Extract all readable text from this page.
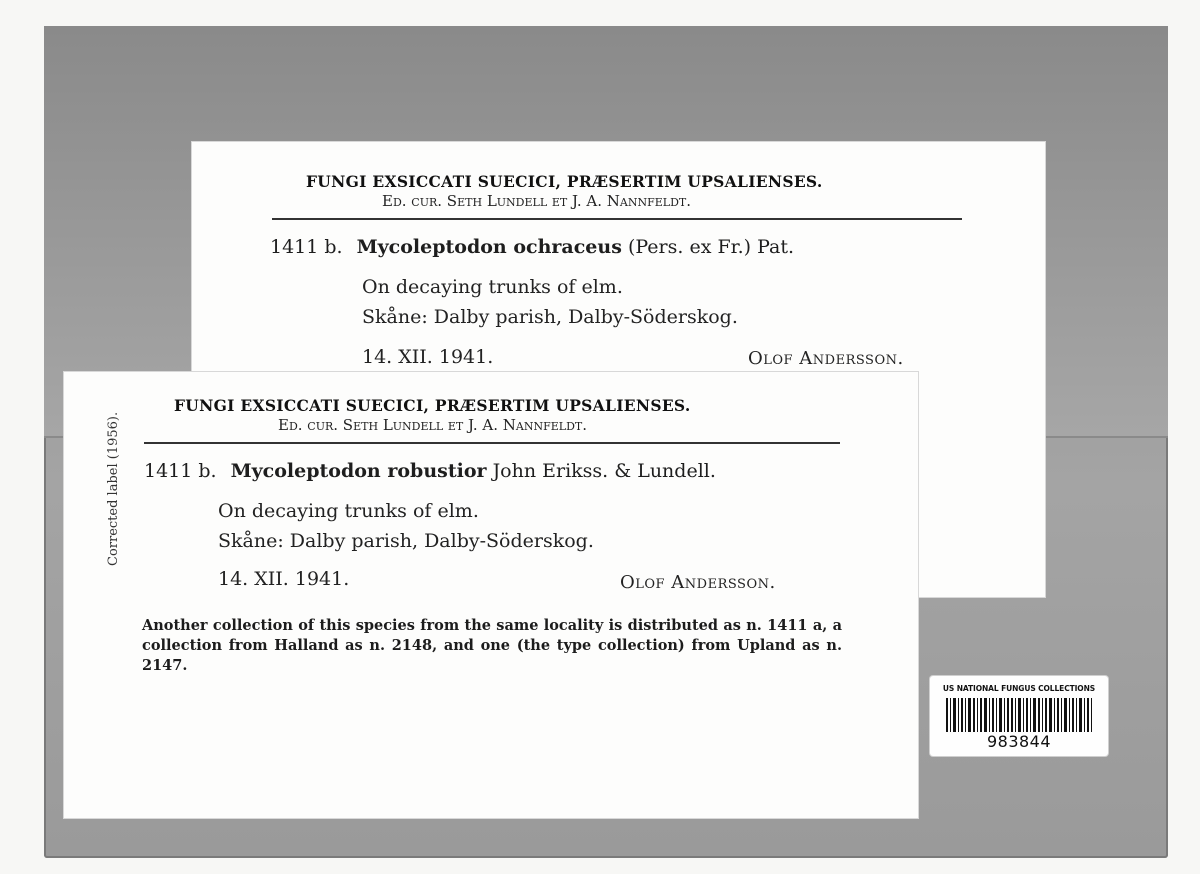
FUNGI EXSICCATI SUECICI, PRÆSERTIM UPSALIENSES.
Ed. cur. Seth Lundell et J. A. Nannfeldt.
1411 b. Mycoleptodon ochraceus (Pers. ex Fr.) Pat.
On decaying trunks of elm.
Skåne: Dalby parish, Dalby-Söderskog.
14. XII. 1941.	Olof Andersson.
FUNGI EXSICCATI SUECICI, PRÆSERTIM UPSALIENSES.
Ed. cur. Seth Lundell et J. A. Nannfeldt.
1411 b. Mycoleptodon robustior John Erikss. & Lundell.
On decaying trunks of elm.
Skåne: Dalby parish, Dalby-Söderskog.
14. XII. 1941.	Olof Andersson.
Another collection of this species from the same locality is distributed as n. 1411 a, a collection from Halland as n. 2148, and one (the type collection) from Upland as n. 2147.
Corrected label (1956).
US NATIONAL FUNGUS COLLECTIONS
983844
